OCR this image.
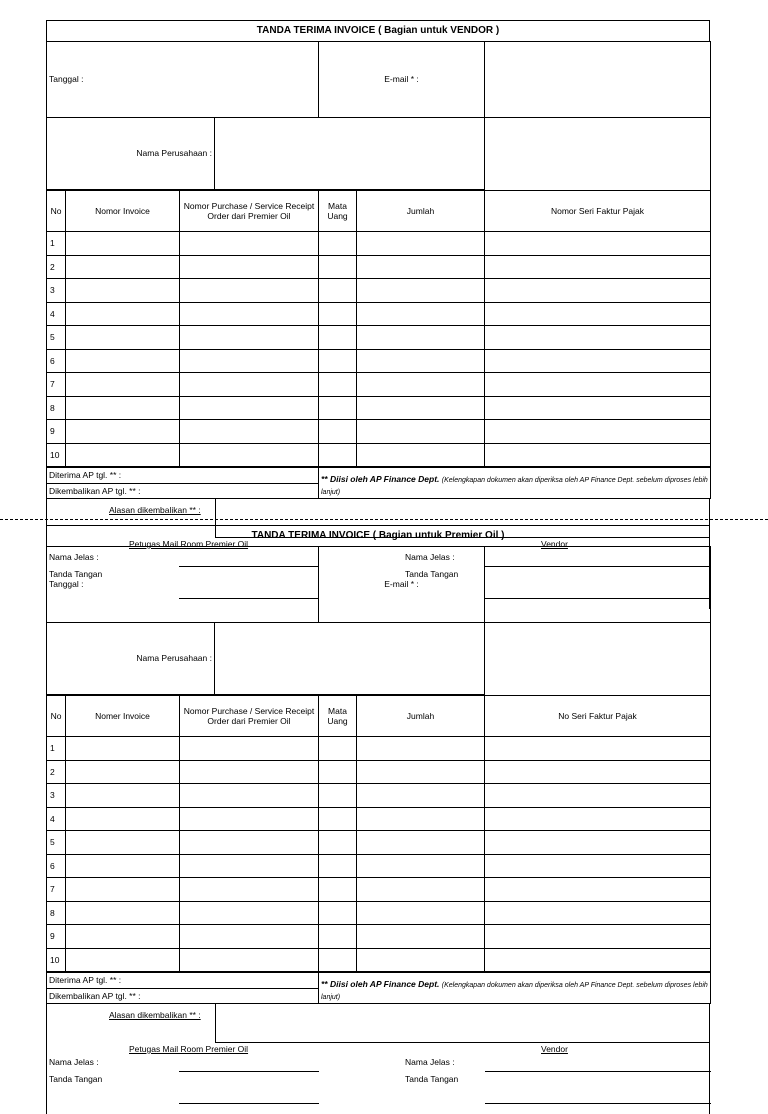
TANDA TERIMA INVOICE ( Bagian untuk VENDOR )
Tanggal :		E-mail * :		
Nama Perusahaan :				
No	Nomor Invoice	Nomor Purchase / Service Receipt Order dari Premier Oil	Mata Uang	Jumlah	Nomor Seri Faktur Pajak
1					
2					
3					
4					
5					
6					
7					
8					
9					
10					
Diterima AP tgl. ** :	** Diisi oleh AP Finance Dept. (Kelengkapan dokumen akan diperiksa oleh AP Finance Dept. sebelum diproses lebih lanjut)
Dikembalikan AP tgl. ** :
Alasan dikembalikan ** :
Petugas Mail Room Premier Oil	Vendor
Nama Jelas :	Nama Jelas :
Tanda Tangan	Tanda Tangan
TANDA TERIMA INVOICE ( Bagian untuk Premier Oil )
Tanggal :		E-mail * :		
Nama Perusahaan :				
No	Nomer Invoice	Nomor Purchase / Service Receipt Order dari Premier Oil	Mata Uang	Jumlah	No Seri Faktur Pajak
1					
2					
3					
4					
5					
6					
7					
8					
9					
10					
Diterima AP tgl. ** :	** Diisi oleh AP Finance Dept. (Kelengkapan dokumen akan diperiksa oleh AP Finance Dept. sebelum diproses lebih lanjut)
Dikembalikan AP tgl. ** :
Alasan dikembalikan ** :
Petugas Mail Room Premier Oil	Vendor
Nama Jelas :	Nama Jelas :
Tanda Tangan	Tanda Tangan
